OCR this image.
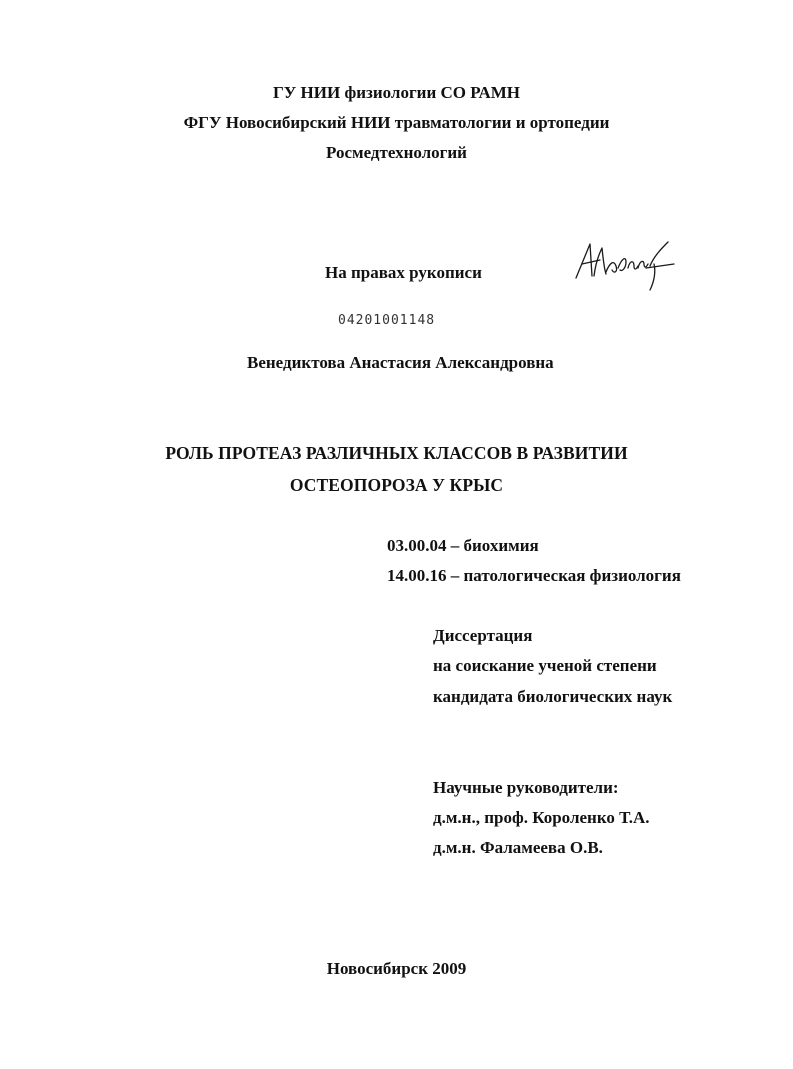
ГУ НИИ физиологии СО РАМН
ФГУ Новосибирский НИИ травматологии и ортопедии
Росмедтехнологий
На правах рукописи
04201001148
Венедиктова Анастасия Александровна
РОЛЬ ПРОТЕАЗ РАЗЛИЧНЫХ КЛАССОВ В РАЗВИТИИ
ОСТЕОПОРОЗА У КРЫС
03.00.04 – биохимия
14.00.16 – патологическая физиология
Диссертация
на соискание ученой степени
кандидата биологических наук
Научные руководители:
д.м.н., проф. Короленко Т.А.
д.м.н. Фаламеева О.В.
Новосибирск 2009
